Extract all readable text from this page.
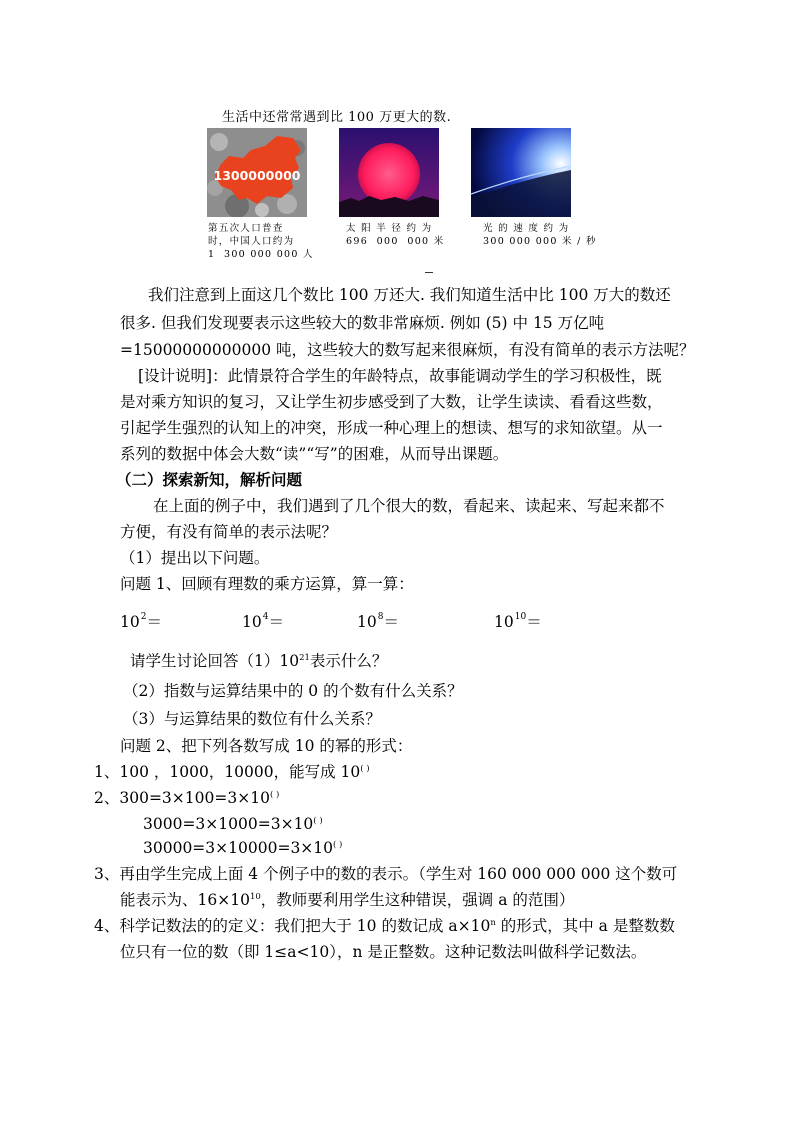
生活中还常常遇到比 100 万更大的数.
1300000000
第五次人口普查
时，中国人口约为
1  300 000 000 人
太 阳 半 径 约 为
696  000  000 米
光 的 速 度 约 为
300 000 000 米 / 秒
我们注意到上面这几个数比 100 万还大. 我们知道生活中比 100 万大的数还
很多. 但我们发现要表示这些较大的数非常麻烦. 例如 (5) 中 15 万亿吨
=15000000000000 吨，这些较大的数写起来很麻烦，有没有简单的表示方法呢？
[设计说明]：此情景符合学生的年龄特点，故事能调动学生的学习积极性，既
是对乘方知识的复习，又让学生初步感受到了大数，让学生读读、看看这些数，
引起学生强烈的认知上的冲突，形成一种心理上的想读、想写的求知欲望。从一
系列的数据中体会大数“读”“写”的困难，从而导出课题。
（二）探索新知，解析问题
在上面的例子中，我们遇到了几个很大的数，看起来、读起来、写起来都不
方便，有没有简单的表示法呢？
（1）提出以下问题。
问题 1、回顾有理数的乘方运算，算一算：
$10^2=$	$10^4=$	$10^8=$	$10^{10}=$
请学生讨论回答$(1)10^{21}$表示什么？
（2）指数与运算结果中的 0 的个数有什么关系？
（3）与运算结果的数位有什么关系？
问题 2、把下列各数写成 10 的幂的形式：
1、100 ，1000，10000，能写成 10( )
2、300=3×100=3×10( )
3000=3×1000=3×10( )
30000=3×10000=3×10( )
3、再由学生完成上面 4 个例子中的数的表示。（学生对 160 000 000 000 这个数可
能表示为、$16\times 10^{10}$，教师要利用学生这种错误，强调 a 的范围）
4、科学记数法的的定义：我们把大于 10 的数记成 $a\times 10^n$ 的形式，其中 a 是整数数
位只有一位的数（即 1≤a<10），n 是正整数。这种记数法叫做科学记数法。
